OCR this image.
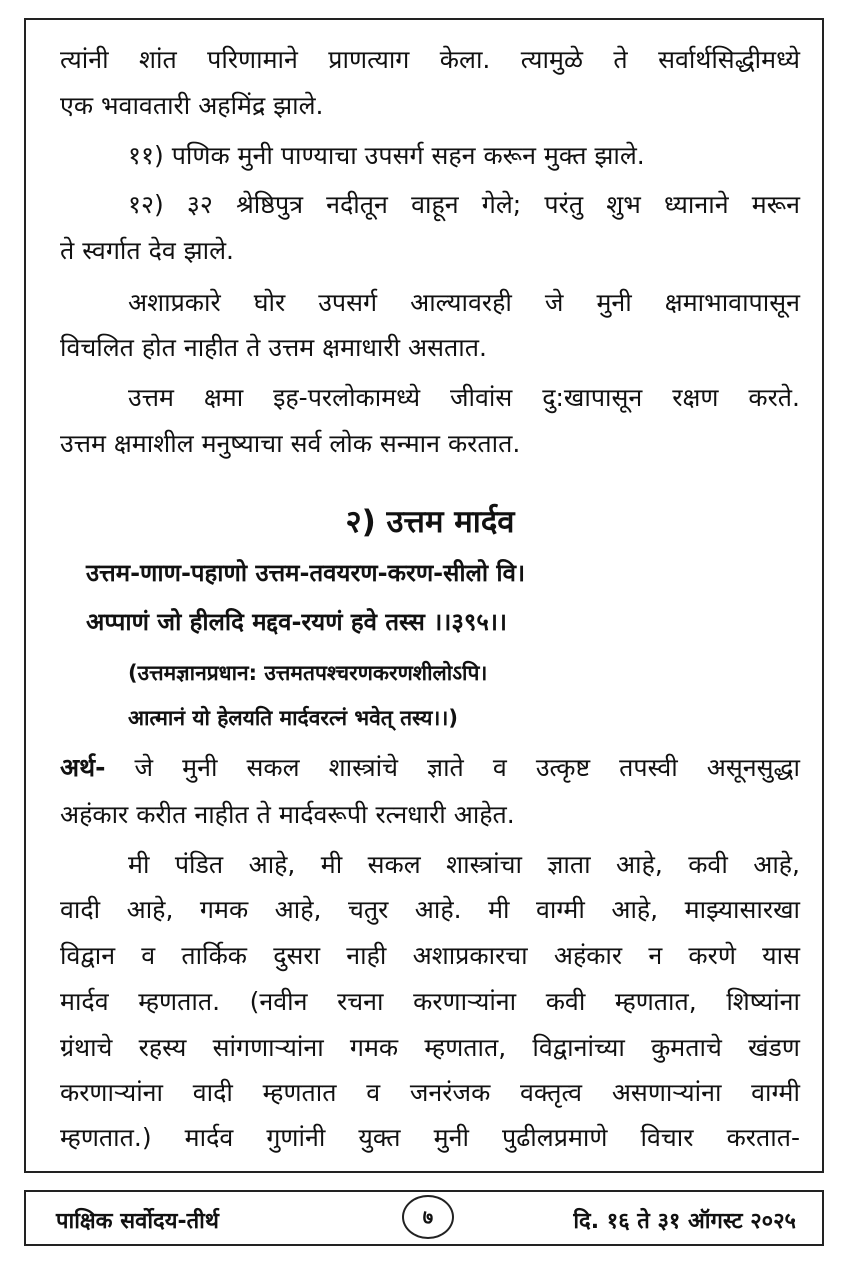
त्यांनी शांत परिणामाने प्राणत्याग केला. त्यामुळे ते सर्वार्थसिद्धीमध्ये
एक भवावतारी अहमिंद्र झाले.
११) पणिक मुनी पाण्याचा उपसर्ग सहन करून मुक्त झाले.
१२) ३२ श्रेष्ठिपुत्र नदीतून वाहून गेले; परंतु शुभ ध्यानाने मरून
ते स्वर्गात देव झाले.
अशाप्रकारे घोर उपसर्ग आल्यावरही जे मुनी क्षमाभावापासून
विचलित होत नाहीत ते उत्तम क्षमाधारी असतात.
उत्तम क्षमा इह-परलोकामध्ये जीवांस दु:खापासून रक्षण करते.
उत्तम क्षमाशील मनुष्याचा सर्व लोक सन्मान करतात.
२) उत्तम मार्दव
उत्तम-णाण-पहाणो उत्तम-तवयरण-करण-सीलो वि।
अप्पाणं जो हीलदि मद्दव-रयणं हवे तस्स ।।३९५।।
(उत्तमज्ञानप्रधान: उत्तमतपश्चरणकरणशीलोऽपि।
आत्मानं यो हेलयति मार्दवरत्नं भवेत् तस्य।।)
अर्थ- जे मुनी सकल शास्त्रांचे ज्ञाते व उत्कृष्ट तपस्वी असूनसुद्धा
अहंकार करीत नाहीत ते मार्दवरूपी रत्नधारी आहेत.
मी पंडित आहे, मी सकल शास्त्रांचा ज्ञाता आहे, कवी आहे,
वादी आहे, गमक आहे, चतुर आहे. मी वाग्मी आहे, माझ्यासारखा
विद्वान व तार्किक दुसरा नाही अशाप्रकारचा अहंकार न करणे यास
मार्दव म्हणतात. (नवीन रचना करणाऱ्यांना कवी म्हणतात, शिष्यांना
ग्रंथाचे रहस्य सांगणाऱ्यांना गमक म्हणतात, विद्वानांच्या कुमताचे खंडण
करणाऱ्यांना वादी म्हणतात व जनरंजक वक्तृत्व असणाऱ्यांना वाग्मी
म्हणतात.) मार्दव गुणांनी युक्त मुनी पुढीलप्रमाणे विचार करतात-
पाक्षिक सर्वोदय-तीर्थ	७	दि. १६ ते ३१ ऑगस्ट २०२५
